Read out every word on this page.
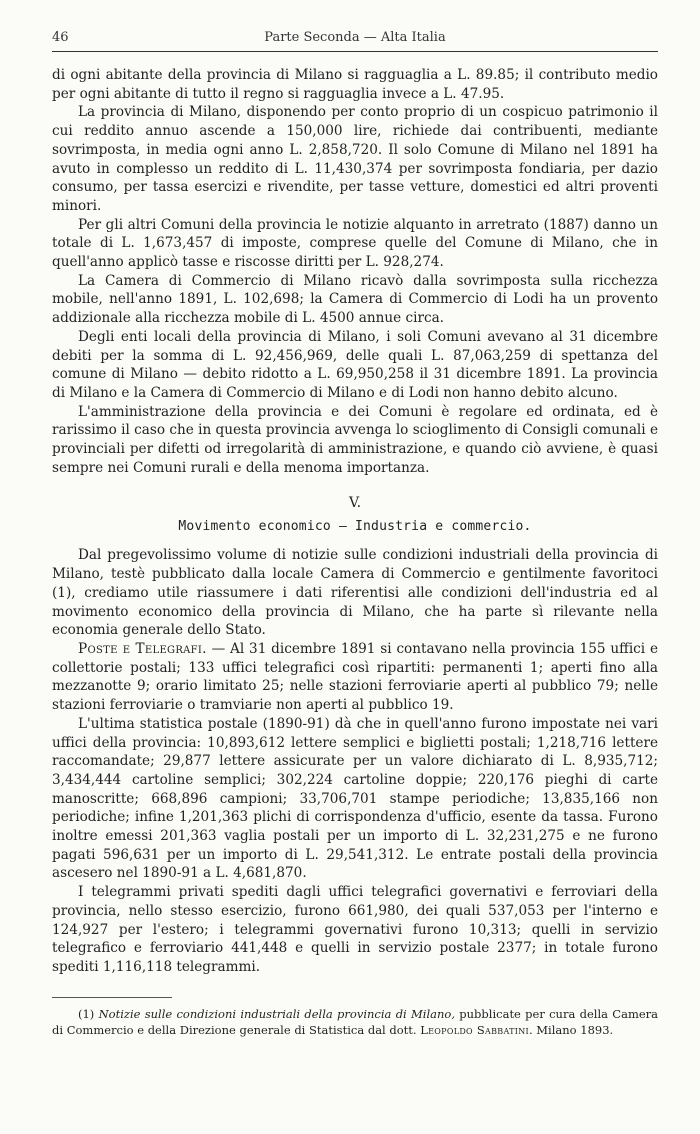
46	Parte Seconda — Alta Italia

di ogni abitante della provincia di Milano si ragguaglia a L. 89.85; il contributo medio per ogni abitante di tutto il regno si ragguaglia invece a L. 47.95.

La provincia di Milano, disponendo per conto proprio di un cospicuo patrimonio il cui reddito annuo ascende a 150,000 lire, richiede dai contribuenti, mediante sovrimposta, in media ogni anno L. 2,858,720. Il solo Comune di Milano nel 1891 ha avuto in complesso un reddito di L. 11,430,374 per sovrimposta fondiaria, per dazio consumo, per tassa esercizi e rivendite, per tasse vetture, domestici ed altri proventi minori.

Per gli altri Comuni della provincia le notizie alquanto in arretrato (1887) danno un totale di L. 1,673,457 di imposte, comprese quelle del Comune di Milano, che in quell'anno applicò tasse e riscosse diritti per L. 928,274.

La Camera di Commercio di Milano ricavò dalla sovrimposta sulla ricchezza mobile, nell'anno 1891, L. 102,698; la Camera di Commercio di Lodi ha un provento addizionale alla ricchezza mobile di L. 4500 annue circa.

Degli enti locali della provincia di Milano, i soli Comuni avevano al 31 dicembre debiti per la somma di L. 92,456,969, delle quali L. 87,063,259 di spettanza del comune di Milano — debito ridotto a L. 69,950,258 il 31 dicembre 1891. La provincia di Milano e la Camera di Commercio di Milano e di Lodi non hanno debito alcuno.

L'amministrazione della provincia e dei Comuni è regolare ed ordinata, ed è rarissimo il caso che in questa provincia avvenga lo scioglimento di Consigli comunali e provinciali per difetti od irregolarità di amministrazione, e quando ciò avviene, è quasi sempre nei Comuni rurali e della menoma importanza.

V.
Movimento economico — Industria e commercio.

Dal pregevolissimo volume di notizie sulle condizioni industriali della provincia di Milano, testè pubblicato dalla locale Camera di Commercio e gentilmente favoritoci (1), crediamo utile riassumere i dati riferentisi alle condizioni dell'industria ed al movimento economico della provincia di Milano, che ha parte sì rilevante nella economia generale dello Stato.

Poste e Telegrafi. — Al 31 dicembre 1891 si contavano nella provincia 155 uffici e collettorie postali; 133 uffici telegrafici così ripartiti: permanenti 1; aperti fino alla mezzanotte 9; orario limitato 25; nelle stazioni ferroviarie aperti al pubblico 79; nelle stazioni ferroviarie o tramviarie non aperti al pubblico 19.

L'ultima statistica postale (1890-91) dà che in quell'anno furono impostate nei vari uffici della provincia: 10,893,612 lettere semplici e biglietti postali; 1,218,716 lettere raccomandate; 29,877 lettere assicurate per un valore dichiarato di L. 8,935,712; 3,434,444 cartoline semplici; 302,224 cartoline doppie; 220,176 pieghi di carte manoscritte; 668,896 campioni; 33,706,701 stampe periodiche; 13,835,166 non periodiche; infine 1,201,363 plichi di corrispondenza d'ufficio, esente da tassa. Furono inoltre emessi 201,363 vaglia postali per un importo di L. 32,231,275 e ne furono pagati 596,631 per un importo di L. 29,541,312. Le entrate postali della provincia ascesero nel 1890-91 a L. 4,681,870.

I telegrammi privati spediti dagli uffici telegrafici governativi e ferroviari della provincia, nello stesso esercizio, furono 661,980, dei quali 537,053 per l'interno e 124,927 per l'estero; i telegrammi governativi furono 10,313; quelli in servizio telegrafico e ferroviario 441,448 e quelli in servizio postale 2377; in totale furono spediti 1,116,118 telegrammi.

(1) Notizie sulle condizioni industriali della provincia di Milano, pubblicate per cura della Camera di Commercio e della Direzione generale di Statistica dal dott. Leopoldo Sabbatini. Milano 1893.
